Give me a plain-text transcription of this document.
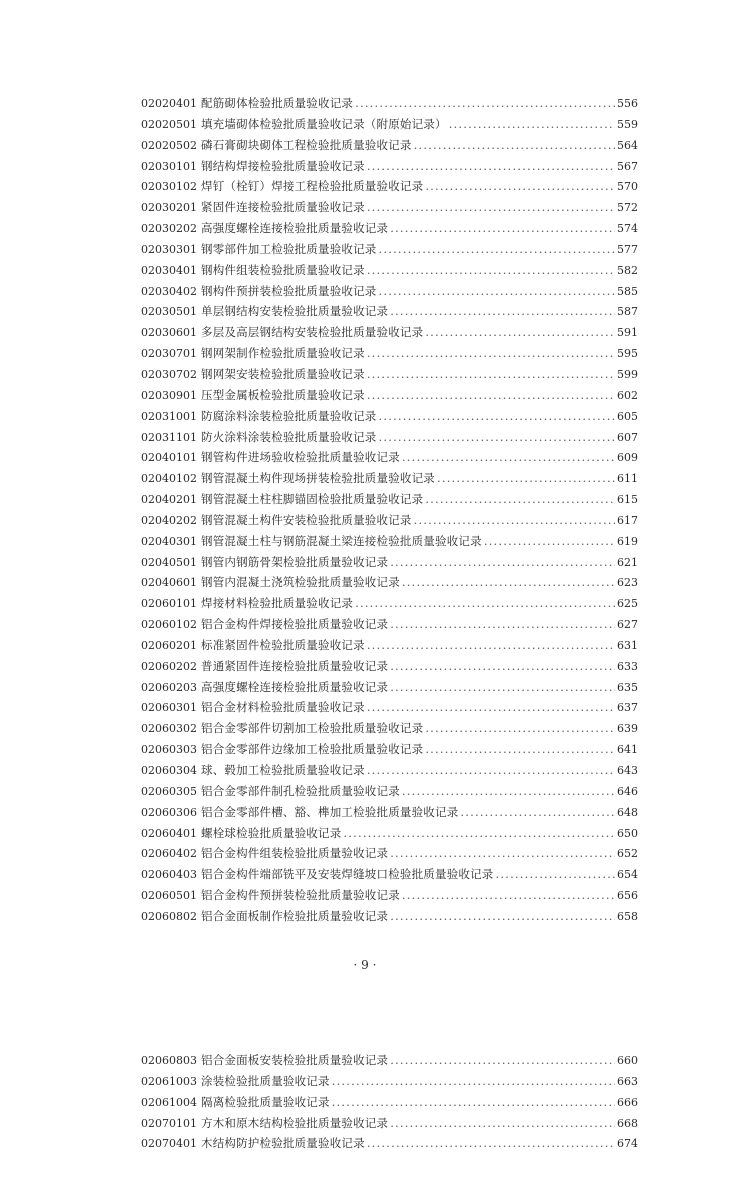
02020401 配筋砌体检验批质量验收记录 .....	556
02020501 填充墙砌体检验批质量验收记录（附原始记录） .....	559
02020502 磷石膏砌块砌体工程检验批质量验收记录 .....	564
02030101 钢结构焊接检验批质量验收记录 .....	567
02030102 焊钉（栓钉）焊接工程检验批质量验收记录 .....	570
02030201 紧固件连接检验批质量验收记录 .....	572
02030202 高强度螺栓连接检验批质量验收记录 .....	574
02030301 钢零部件加工检验批质量验收记录 .....	577
02030401 钢构件组装检验批质量验收记录 .....	582
02030402 钢构件预拼装检验批质量验收记录 .....	585
02030501 单层钢结构安装检验批质量验收记录 .....	587
02030601 多层及高层钢结构安装检验批质量验收记录 .....	591
02030701 钢网架制作检验批质量验收记录 .....	595
02030702 钢网架安装检验批质量验收记录 .....	599
02030901 压型金属板检验批质量验收记录 .....	602
02031001 防腐涂料涂装检验批质量验收记录 .....	605
02031101 防火涂料涂装检验批质量验收记录 .....	607
02040101 钢管构件进场验收检验批质量验收记录 .....	609
02040102 钢管混凝土构件现场拼装检验批质量验收记录 .....	611
02040201 钢管混凝土柱柱脚锚固检验批质量验收记录 .....	615
02040202 钢管混凝土构件安装检验批质量验收记录 .....	617
02040301 钢管混凝土柱与钢筋混凝土梁连接检验批质量验收记录 .....	619
02040501 钢管内钢筋骨架检验批质量验收记录 .....	621
02040601 钢管内混凝土浇筑检验批质量验收记录 .....	623
02060101 焊接材料检验批质量验收记录 .....	625
02060102 铝合金构件焊接检验批质量验收记录 .....	627
02060201 标准紧固件检验批质量验收记录 .....	631
02060202 普通紧固件连接检验批质量验收记录 .....	633
02060203 高强度螺栓连接检验批质量验收记录 .....	635
02060301 铝合金材料检验批质量验收记录 .....	637
02060302 铝合金零部件切割加工检验批质量验收记录 .....	639
02060303 铝合金零部件边缘加工检验批质量验收记录 .....	641
02060304 球、毂加工检验批质量验收记录 .....	643
02060305 铝合金零部件制孔检验批质量验收记录 .....	646
02060306 铝合金零部件槽、豁、榫加工检验批质量验收记录 .....	648
02060401 螺栓球检验批质量验收记录 .....	650
02060402 铝合金构件组装检验批质量验收记录 .....	652
02060403 铝合金构件端部铣平及安装焊缝坡口检验批质量验收记录 .....	654
02060501 铝合金构件预拼装检验批质量验收记录 .....	656
02060802 铝合金面板制作检验批质量验收记录 .....	658
· 9 ·
02060803 铝合金面板安装检验批质量验收记录 .....	660
02061003 涂装检验批质量验收记录 .....	663
02061004 隔离检验批质量验收记录 .....	666
02070101 方木和原木结构检验批质量验收记录 .....	668
02070401 木结构防护检验批质量验收记录 .....	674
